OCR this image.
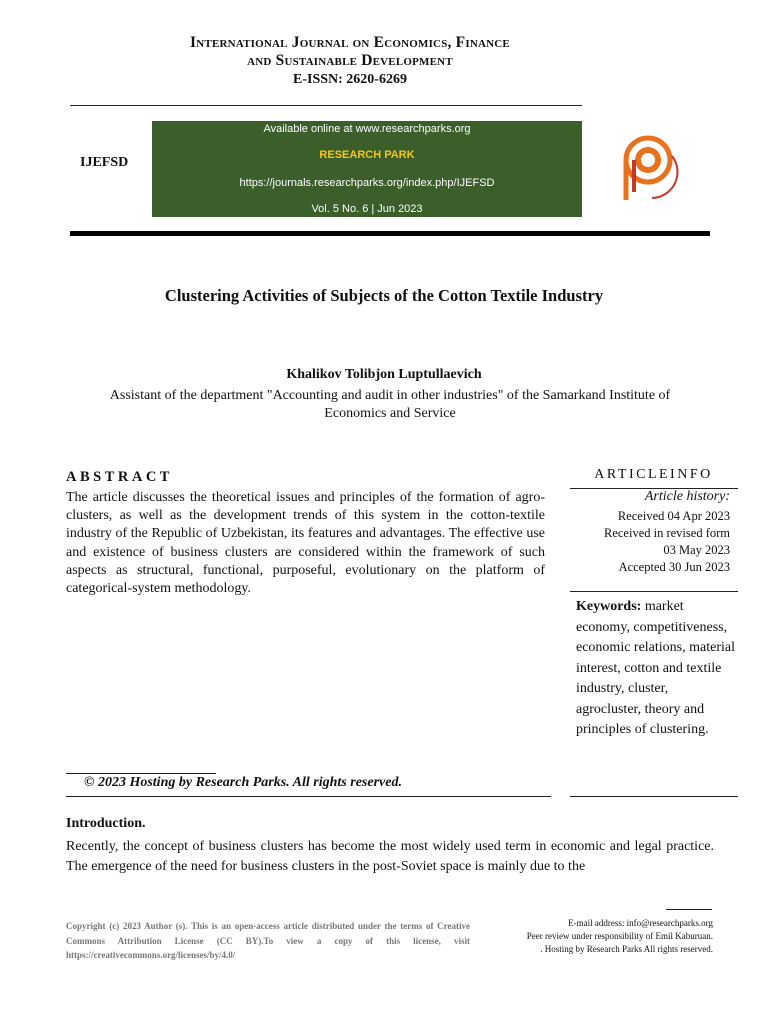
International Journal on Economics, Finance
and Sustainable Development
E-ISSN: 2620-6269
IJEFSD
Available online at www.researchparks.org
RESEARCH PARK
https://journals.researchparks.org/index.php/IJEFSD
Vol. 5 No. 6 | Jun 2023
Clustering Activities of Subjects of the Cotton Textile Industry
Khalikov Tolibjon Luptullaevich
Assistant of the department "Accounting and audit in other industries" of the Samarkand Institute of
Economics and Service
ABSTRACT
The article discusses the theoretical issues and principles of the formation of agro-clusters, as well as the development trends of this system in the cotton-textile industry of the Republic of Uzbekistan, its features and advantages. The effective use and existence of business clusters are considered within the framework of such aspects as structural, functional, purposeful, evolutionary on the platform of categorical-system methodology.
ARTICLEINFO
Article history:
Received 04 Apr 2023
Received in revised form
03 May 2023
Accepted 30 Jun 2023
Keywords: market economy, competitiveness, economic relations, material interest, cotton and textile industry, cluster, agrocluster, theory and principles of clustering.
© 2023 Hosting by Research Parks. All rights reserved.
Introduction.
Recently, the concept of business clusters has become the most widely used term in economic and legal practice. The emergence of the need for business clusters in the post-Soviet space is mainly due to the
Copyright (c) 2023 Author (s). This is an open-access article distributed under the terms of Creative Commons Attribution License (CC BY).To view a copy of this license, visit https://creativecommons.org/licenses/by/4.0/
E-mail address: info@researchparks.org
Peer review under responsibility of Emil Kaburuan.
. Hosting by Research Parks All rights reserved.
